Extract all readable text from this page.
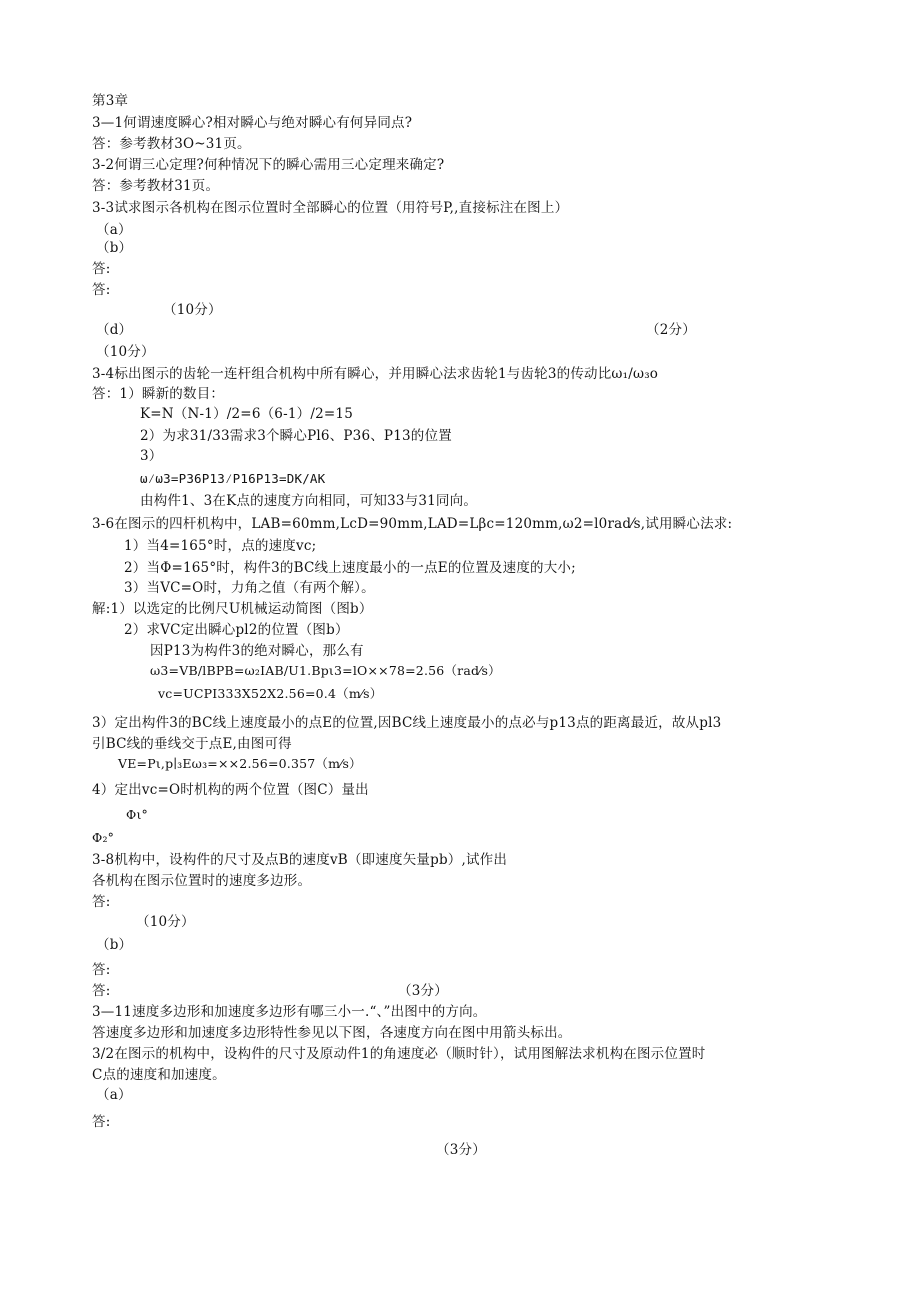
第3章
3—1何谓速度瞬心?相对瞬心与绝对瞬心有何异同点?
答：参考教材3O~31页。
3-2何谓三心定理?何种情况下的瞬心需用三心定理来确定?
答：参考教材31页。
3-3试求图示各机构在图示位置时全部瞬心的位置（用符号P,,直接标注在图上）
（a）
（b）
答:
答:
（10分）
（d）	（2分）
（10分）
3-4标出图示的齿轮一连杆组合机构中所有瞬心，并用瞬心法求齿轮1与齿轮3的传动比ω₁/ω₃o
答：1）瞬新的数目：
K=N（N-1）/2=6（6-1）/2=15
2）为求31/33需求3个瞬心Pl6、P36、P13的位置
3）
ω⁄ω3=P36P13⁄P16P13=DK/AK
由构件1、3在K点的速度方向相同，可知33与31同向。
3-6在图示的四杆机构中，LAB=60mm,LcD=90mm,LAD=Lβc=120mm,ω2=l0rad⁄s,试用瞬心法求:
1）当4=165°时，点的速度vc;
2）当Φ=165°时，构件3的BC线上速度最小的一点E的位置及速度的大小;
3）当VC=O时，力角之值（有两个解）。
解:1）以选定的比例尺U机械运动简图（图b）
2）求VC定出瞬心pl2的位置（图b）
因P13为构件3的绝对瞬心，那么有
ω3=VB/lBPB=ω₂IAB/U1.Bpι3=lO××78=2.56（rad⁄s）
vc=UCPI333X52X2.56=0.4（m⁄s）
3）定出构件3的BC线上速度最小的点E的位置,因BC线上速度最小的点必与p13点的距离最近，故从pl3
引BC线的垂线交于点E,由图可得
VE=Pι,p∣₃Eω₃=××2.56=0.357（m⁄s）
4）定出vc=O时机构的两个位置（图C）量出
Φι°
Φ₂°
3-8机构中，设构件的尺寸及点B的速度vB（即速度矢量pb）,试作出
各机构在图示位置时的速度多边形。
答:
（10分）
（b）
答:
答:	（3分）
3—11速度多边形和加速度多边形有哪三小一.“、”出图中的方向。
答速度多边形和加速度多边形特性参见以下图，各速度方向在图中用箭头标出。
3/2在图示的机构中，设构件的尺寸及原动件1的角速度必（顺时针），试用图解法求机构在图示位置时
C点的速度和加速度。
（a）
答:
（3分）
